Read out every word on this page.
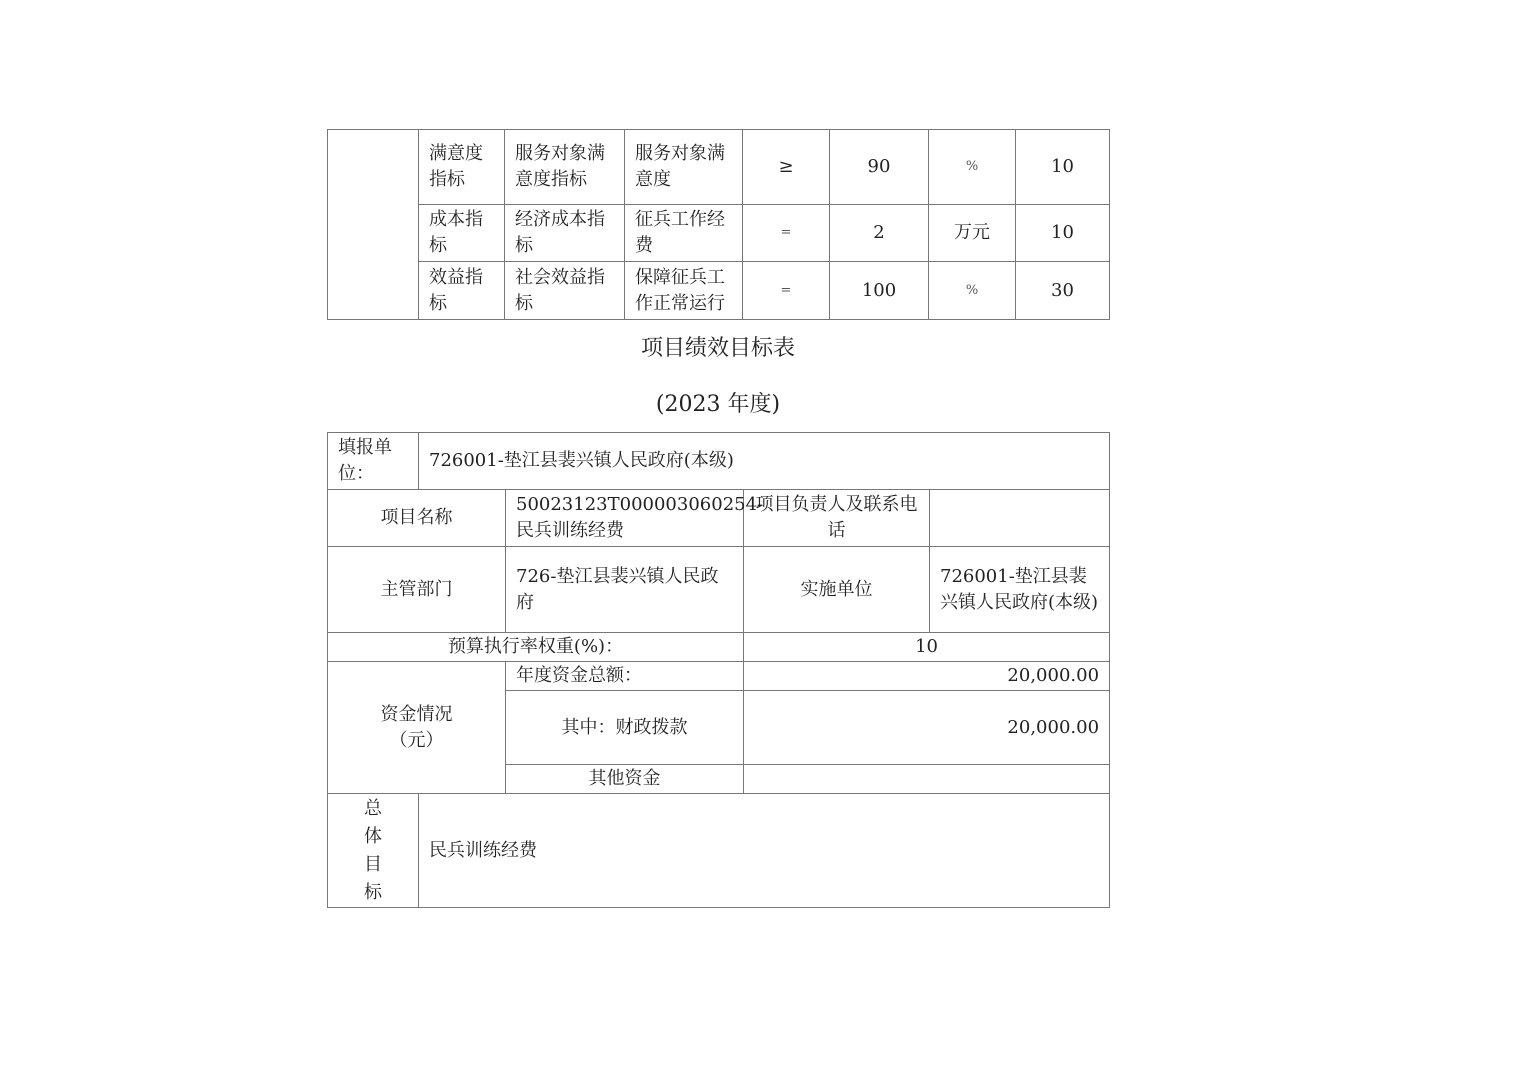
	满意度指标	服务对象满意度指标	服务对象满意度	≥	90	%	10
	成本指标	经济成本指标	征兵工作经费	=	2	万元	10
	效益指标	社会效益指标	保障征兵工作正常运行	=	100	%	30
项目绩效目标表
(2023 年度)
填报单位：	726001-垫江县裴兴镇人民政府(本级)			
项目名称		50023123T000003060254-民兵训练经费	项目负责人及联系电话	
主管部门		726-垫江县裴兴镇人民政府	实施单位	726001-垫江县裴兴镇人民政府(本级)
预算执行率权重(%)：			10	
资金情况（元）		年度资金总额：	20,000.00	
		其中：财政拨款	20,000.00	
		其他资金		
总体目标	民兵训练经费			
